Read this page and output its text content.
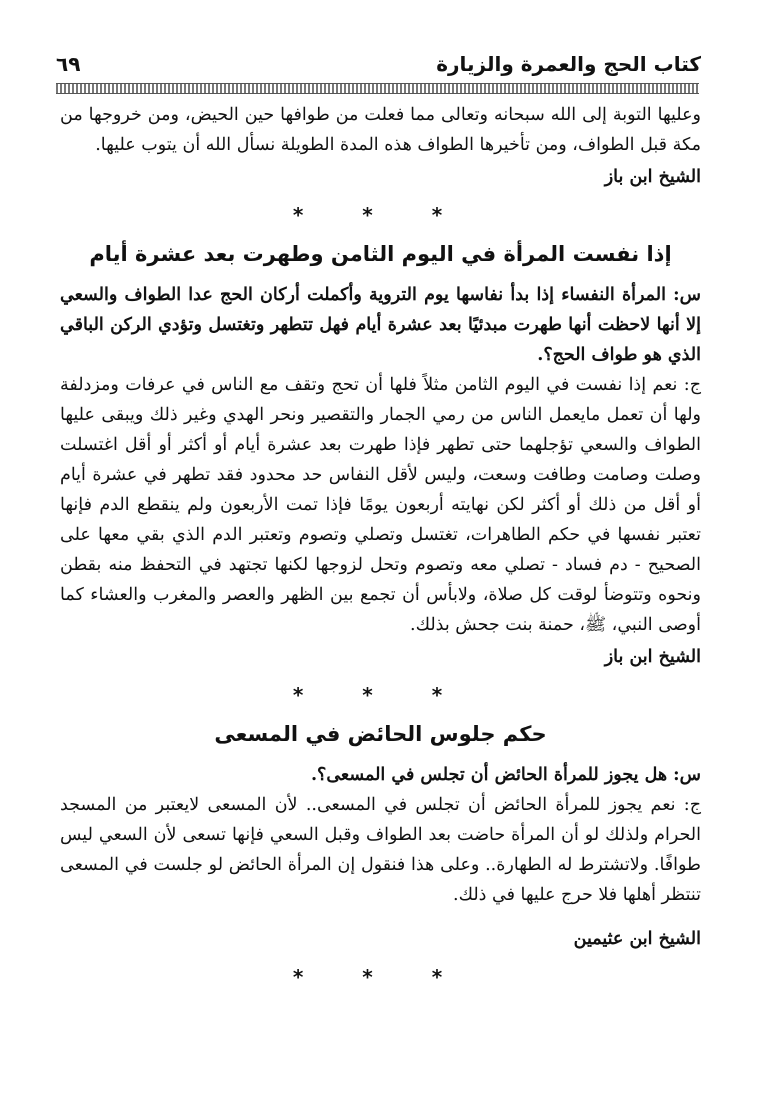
كتاب الحج والعمرة والزيارة
٦٩

وعليها التوبة إلى الله سبحانه وتعالى مما فعلت من طوافها حين الحيض، ومن خروجها من مكة قبل الطواف، ومن تأخيرها الطواف هذه المدة الطويلة نسأل الله أن يتوب عليها.

الشيخ ابن باز
* * *
إذا نفست المرأة في اليوم الثامن وطهرت بعد عشرة أيام

س: المرأة النفساء إذا بدأ نفاسها يوم التروية وأكملت أركان الحج عدا الطواف والسعي إلا أنها لاحظت أنها طهرت مبدئيًا بعد عشرة أيام فهل تتطهر وتغتسل وتؤدي الركن الباقي الذي هو طواف الحج؟.

ج: نعم إذا نفست في اليوم الثامن مثلاً فلها أن تحج وتقف مع الناس في عرفات ومزدلفة ولها أن تعمل مايعمل الناس من رمي الجمار والتقصير ونحر الهدي وغير ذلك ويبقى عليها الطواف والسعي تؤجلهما حتى تطهر فإذا طهرت بعد عشرة أيام أو أكثر أو أقل اغتسلت وصلت وصامت وطافت وسعت، وليس لأقل النفاس حد محدود فقد تطهر في عشرة أيام أو أقل من ذلك أو أكثر لكن نهايته أربعون يومًا فإذا تمت الأربعون ولم ينقطع الدم فإنها تعتبر نفسها في حكم الطاهرات، تغتسل وتصلي وتصوم وتعتبر الدم الذي بقي معها على الصحيح - دم فساد - تصلي معه وتصوم وتحل لزوجها لكنها تجتهد في التحفظ منه بقطن ونحوه وتتوضأ لوقت كل صلاة، ولابأس أن تجمع بين الظهر والعصر والمغرب والعشاء كما أوصى النبي، ﷺ، حمنة بنت جحش بذلك.

الشيخ ابن باز
* * *
حكم جلوس الحائض في المسعى

س: هل يجوز للمرأة الحائض أن تجلس في المسعى؟.

ج: نعم يجوز للمرأة الحائض أن تجلس في المسعى.. لأن المسعى لايعتبر من المسجد الحرام ولذلك لو أن المرأة حاضت بعد الطواف وقبل السعي فإنها تسعى لأن السعي ليس طوافًا. ولاتشترط له الطهارة.. وعلى هذا فنقول إن المرأة الحائض لو جلست في المسعى تنتظر أهلها فلا حرج عليها في ذلك.

الشيخ ابن عثيمين
* * *
